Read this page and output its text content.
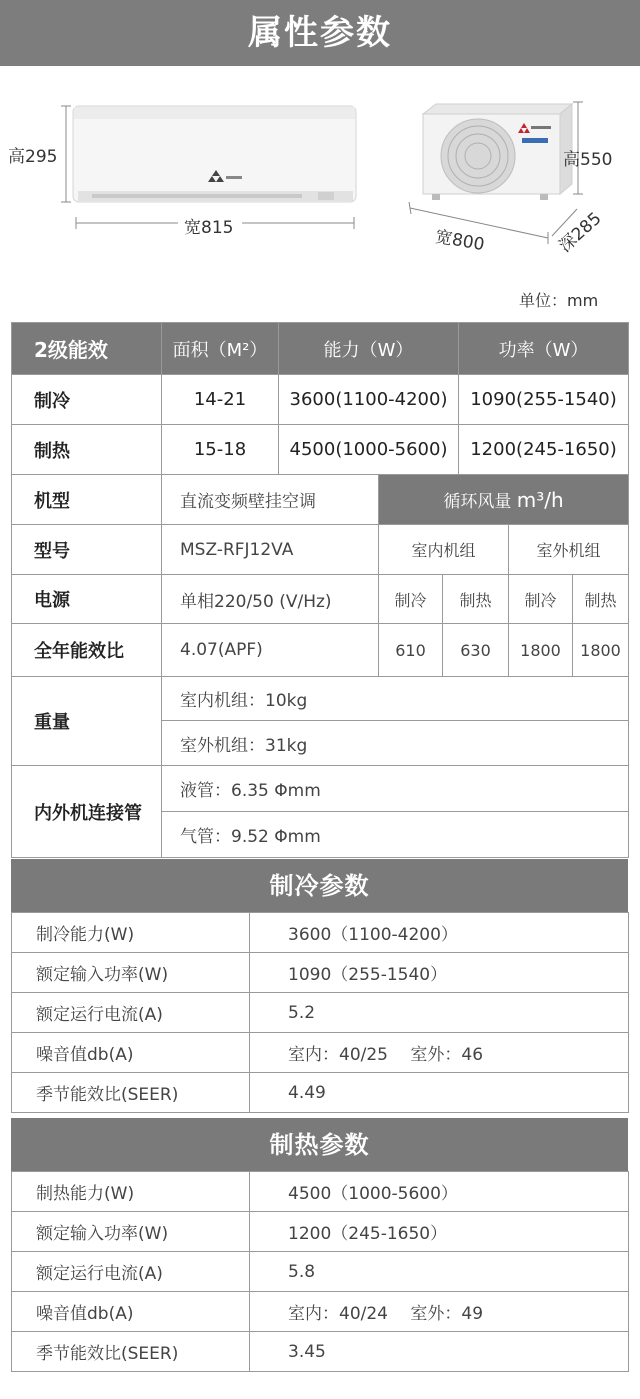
属性参数
高295
宽815
高550
宽800	深285
单位：mm
2级能效	面积（M²）	能力（W）	功率（W）
制冷	14-21	3600(1100-4200)	1090(255-1540)
制热	15-18	4500(1000-5600)	1200(245-1650)
机型	直流变频壁挂空调	循环风量 m³/h			
型号	MSZ-RFJ12VA	室内机组		室外机组	
电源	单相220/50 (V/Hz)	制冷	制热	制冷	制热
全年能效比	4.07(APF)	610	630	1800	1800
重量	室内机组：10kg				
	室外机组：31kg				
内外机连接管	液管：6.35 Φmm				
	气管：9.52 Φmm				
制冷参数
制冷能力(W)	3600（1100-4200）
额定输入功率(W)	1090（255-1540）
额定运行电流(A)	5.2
噪音值db(A)	室内：40/25　 室外：46
季节能效比(SEER)	4.49
制热参数
制热能力(W)	4500（1000-5600）
额定输入功率(W)	1200（245-1650）
额定运行电流(A)	5.8
噪音值db(A)	室内：40/24　 室外：49
季节能效比(SEER)	3.45
